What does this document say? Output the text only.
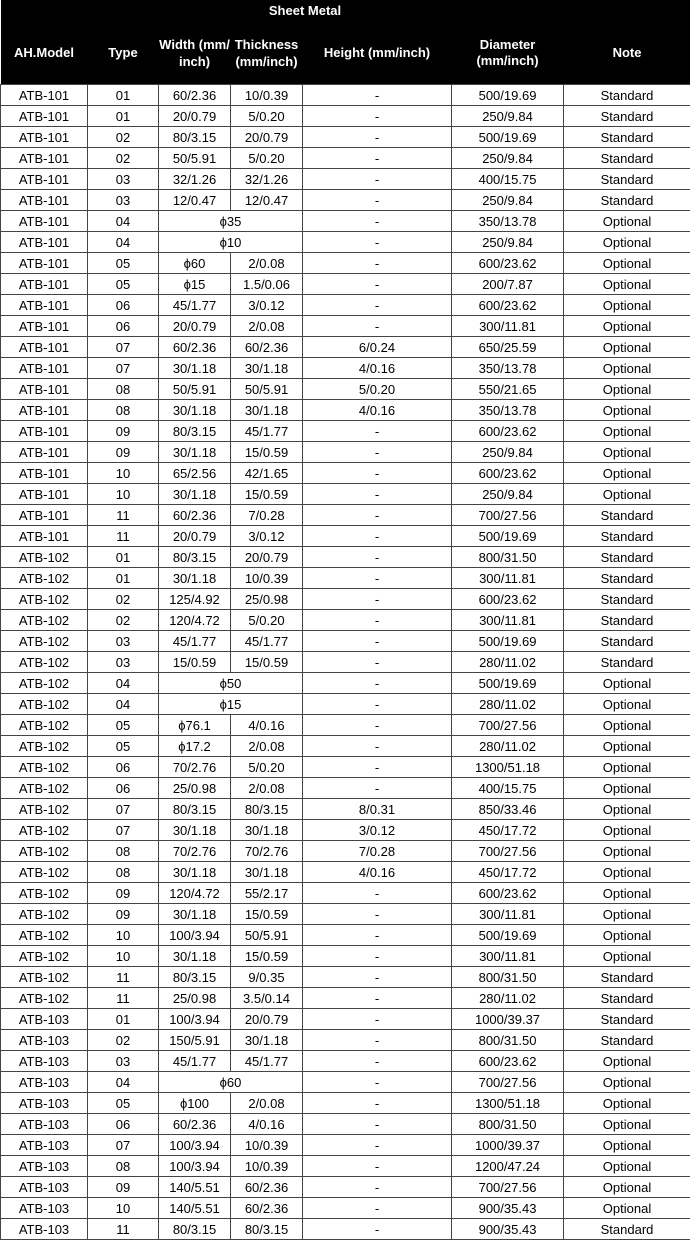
		Sheet Metal				
AH.Model	Type	Width (mm/inch)	Thickness (mm/inch)	Height (mm/inch)	Diameter (mm/inch)	Note
ATB-101	01	60/2.36	10/0.39	-	500/19.69	Standard
ATB-101	01	20/0.79	5/0.20	-	250/9.84	Standard
ATB-101	02	80/3.15	20/0.79	-	500/19.69	Standard
ATB-101	02	50/5.91	5/0.20	-	250/9.84	Standard
ATB-101	03	32/1.26	32/1.26	-	400/15.75	Standard
ATB-101	03	12/0.47	12/0.47	-	250/9.84	Standard
ATB-101	04	ϕ35		-	350/13.78	Optional
ATB-101	04	ϕ10		-	250/9.84	Optional
ATB-101	05	ϕ60	2/0.08	-	600/23.62	Optional
ATB-101	05	ϕ15	1.5/0.06	-	200/7.87	Optional
ATB-101	06	45/1.77	3/0.12	-	600/23.62	Optional
ATB-101	06	20/0.79	2/0.08	-	300/11.81	Optional
ATB-101	07	60/2.36	60/2.36	6/0.24	650/25.59	Optional
ATB-101	07	30/1.18	30/1.18	4/0.16	350/13.78	Optional
ATB-101	08	50/5.91	50/5.91	5/0.20	550/21.65	Optional
ATB-101	08	30/1.18	30/1.18	4/0.16	350/13.78	Optional
ATB-101	09	80/3.15	45/1.77	-	600/23.62	Optional
ATB-101	09	30/1.18	15/0.59	-	250/9.84	Optional
ATB-101	10	65/2.56	42/1.65	-	600/23.62	Optional
ATB-101	10	30/1.18	15/0.59	-	250/9.84	Optional
ATB-101	11	60/2.36	7/0.28	-	700/27.56	Standard
ATB-101	11	20/0.79	3/0.12	-	500/19.69	Standard
ATB-102	01	80/3.15	20/0.79	-	800/31.50	Standard
ATB-102	01	30/1.18	10/0.39	-	300/11.81	Standard
ATB-102	02	125/4.92	25/0.98	-	600/23.62	Standard
ATB-102	02	120/4.72	5/0.20	-	300/11.81	Standard
ATB-102	03	45/1.77	45/1.77	-	500/19.69	Standard
ATB-102	03	15/0.59	15/0.59	-	280/11.02	Standard
ATB-102	04	ϕ50		-	500/19.69	Optional
ATB-102	04	ϕ15		-	280/11.02	Optional
ATB-102	05	ϕ76.1	4/0.16	-	700/27.56	Optional
ATB-102	05	ϕ17.2	2/0.08	-	280/11.02	Optional
ATB-102	06	70/2.76	5/0.20	-	1300/51.18	Optional
ATB-102	06	25/0.98	2/0.08	-	400/15.75	Optional
ATB-102	07	80/3.15	80/3.15	8/0.31	850/33.46	Optional
ATB-102	07	30/1.18	30/1.18	3/0.12	450/17.72	Optional
ATB-102	08	70/2.76	70/2.76	7/0.28	700/27.56	Optional
ATB-102	08	30/1.18	30/1.18	4/0.16	450/17.72	Optional
ATB-102	09	120/4.72	55/2.17	-	600/23.62	Optional
ATB-102	09	30/1.18	15/0.59	-	300/11.81	Optional
ATB-102	10	100/3.94	50/5.91	-	500/19.69	Optional
ATB-102	10	30/1.18	15/0.59	-	300/11.81	Optional
ATB-102	11	80/3.15	9/0.35	-	800/31.50	Standard
ATB-102	11	25/0.98	3.5/0.14	-	280/11.02	Standard
ATB-103	01	100/3.94	20/0.79	-	1000/39.37	Standard
ATB-103	02	150/5.91	30/1.18	-	800/31.50	Standard
ATB-103	03	45/1.77	45/1.77	-	600/23.62	Optional
ATB-103	04	ϕ60		-	700/27.56	Optional
ATB-103	05	ϕ100	2/0.08	-	1300/51.18	Optional
ATB-103	06	60/2.36	4/0.16	-	800/31.50	Optional
ATB-103	07	100/3.94	10/0.39	-	1000/39.37	Optional
ATB-103	08	100/3.94	10/0.39	-	1200/47.24	Optional
ATB-103	09	140/5.51	60/2.36	-	700/27.56	Optional
ATB-103	10	140/5.51	60/2.36	-	900/35.43	Optional
ATB-103	11	80/3.15	80/3.15	-	900/35.43	Standard
